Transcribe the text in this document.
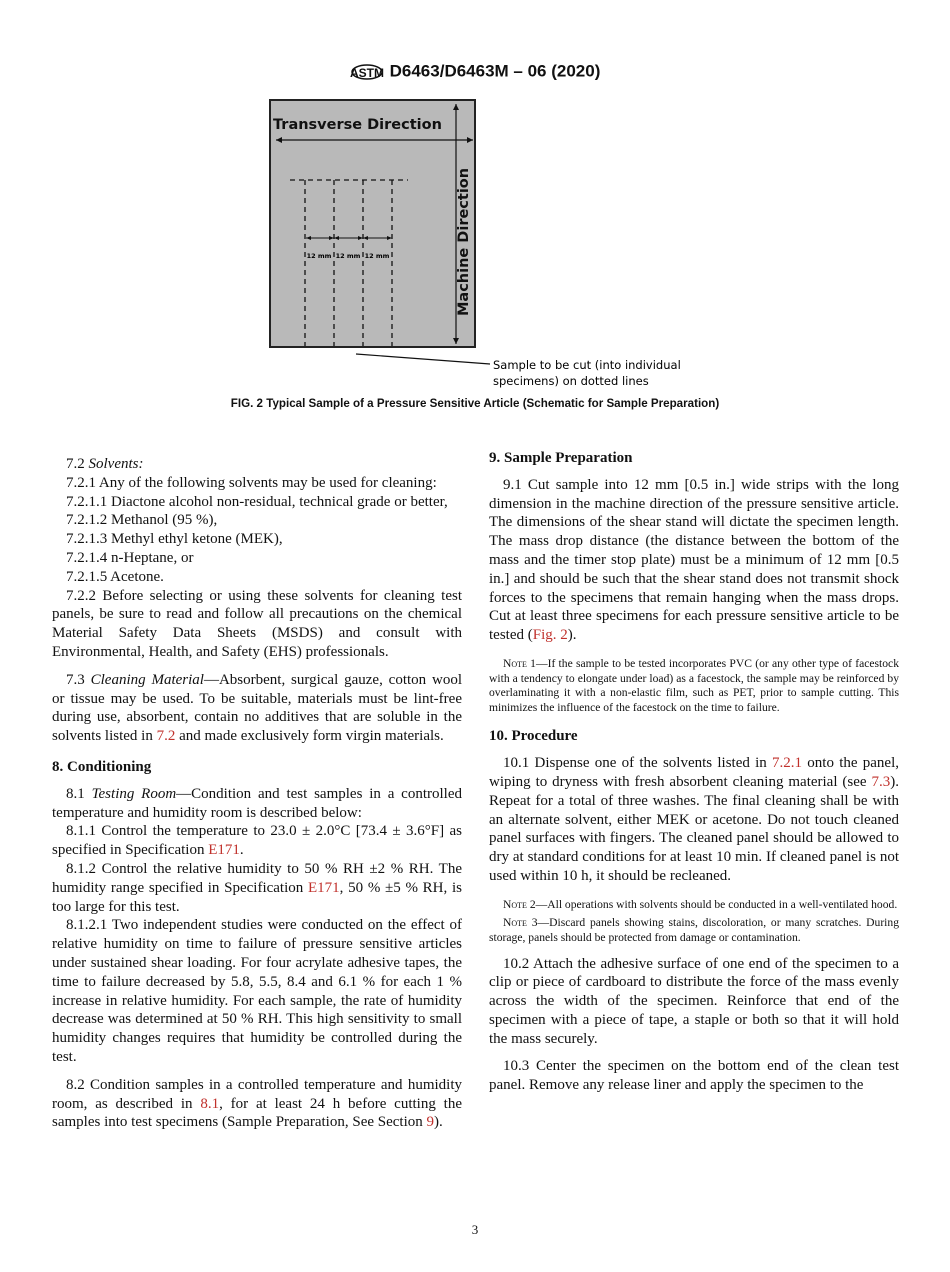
ASTM D6463/D6463M – 06 (2020)
Transverse Direction
Machine Direction
12 mm 12 mm 12 mm
Sample to be cut (into individual
specimens) on dotted lines
FIG. 2 Typical Sample of a Pressure Sensitive Article (Schematic for Sample Preparation)

7.2 Solvents:

7.2.1 Any of the following solvents may be used for cleaning:

7.2.1.1 Diactone alcohol non-residual, technical grade or better,

7.2.1.2 Methanol (95 %),

7.2.1.3 Methyl ethyl ketone (MEK),

7.2.1.4 n-Heptane, or

7.2.1.5 Acetone.

7.2.2 Before selecting or using these solvents for cleaning test panels, be sure to read and follow all precautions on the chemical Material Safety Data Sheets (MSDS) and consult with Environmental, Health, and Safety (EHS) professionals.

7.3 Cleaning Material—Absorbent, surgical gauze, cotton wool or tissue may be used. To be suitable, materials must be lint-free during use, absorbent, contain no additives that are soluble in the solvents listed in 7.2 and made exclusively form virgin materials.

8. Conditioning

8.1 Testing Room—Condition and test samples in a controlled temperature and humidity room is described below:

8.1.1 Control the temperature to 23.0 ± 2.0°C [73.4 ± 3.6°F] as specified in Specification E171.

8.1.2 Control the relative humidity to 50 % RH ±2 % RH. The humidity range specified in Specification E171, 50 % ±5 % RH, is too large for this test.

8.1.2.1 Two independent studies were conducted on the effect of relative humidity on time to failure of pressure sensitive articles under sustained shear loading. For four acrylate adhesive tapes, the time to failure decreased by 5.8, 5.5, 8.4 and 6.1 % for each 1 % increase in relative humidity. For each sample, the rate of humidity decrease was determined at 50 % RH. This high sensitivity to small humidity changes requires that humidity be controlled during the test.

8.2 Condition samples in a controlled temperature and humidity room, as described in 8.1, for at least 24 h before cutting the samples into test specimens (Sample Preparation, See Section 9).

9. Sample Preparation

9.1 Cut sample into 12 mm [0.5 in.] wide strips with the long dimension in the machine direction of the pressure sensitive article. The dimensions of the shear stand will dictate the specimen length. The mass drop distance (the distance between the bottom of the mass and the timer stop plate) must be a minimum of 12 mm [0.5 in.] and should be such that the shear stand does not transmit shock forces to the specimens that remain hanging when the mass drops. Cut at least three specimens for each pressure sensitive article to be tested (Fig. 2).

Note 1—If the sample to be tested incorporates PVC (or any other type of facestock with a tendency to elongate under load) as a facestock, the sample may be reinforced by overlaminating it with a non-elastic film, such as PET, prior to sample cutting. This minimizes the influence of the facestock on the time to failure.

10. Procedure

10.1 Dispense one of the solvents listed in 7.2.1 onto the panel, wiping to dryness with fresh absorbent cleaning material (see 7.3). Repeat for a total of three washes. The final cleaning shall be with an alternate solvent, either MEK or acetone. Do not touch cleaned panel surfaces with fingers. The cleaned panel should be allowed to dry at standard conditions for at least 10 min. If cleaned panel is not used within 10 h, it should be recleaned.

Note 2—All operations with solvents should be conducted in a well-ventilated hood.

Note 3—Discard panels showing stains, discoloration, or many scratches. During storage, panels should be protected from damage or contamination.

10.2 Attach the adhesive surface of one end of the specimen to a clip or piece of cardboard to distribute the force of the mass evenly across the width of the specimen. Reinforce that end of the specimen with a piece of tape, a staple or both so that it will hold the mass securely.

10.3 Center the specimen on the bottom end of the clean test panel. Remove any release liner and apply the specimen to the

3
